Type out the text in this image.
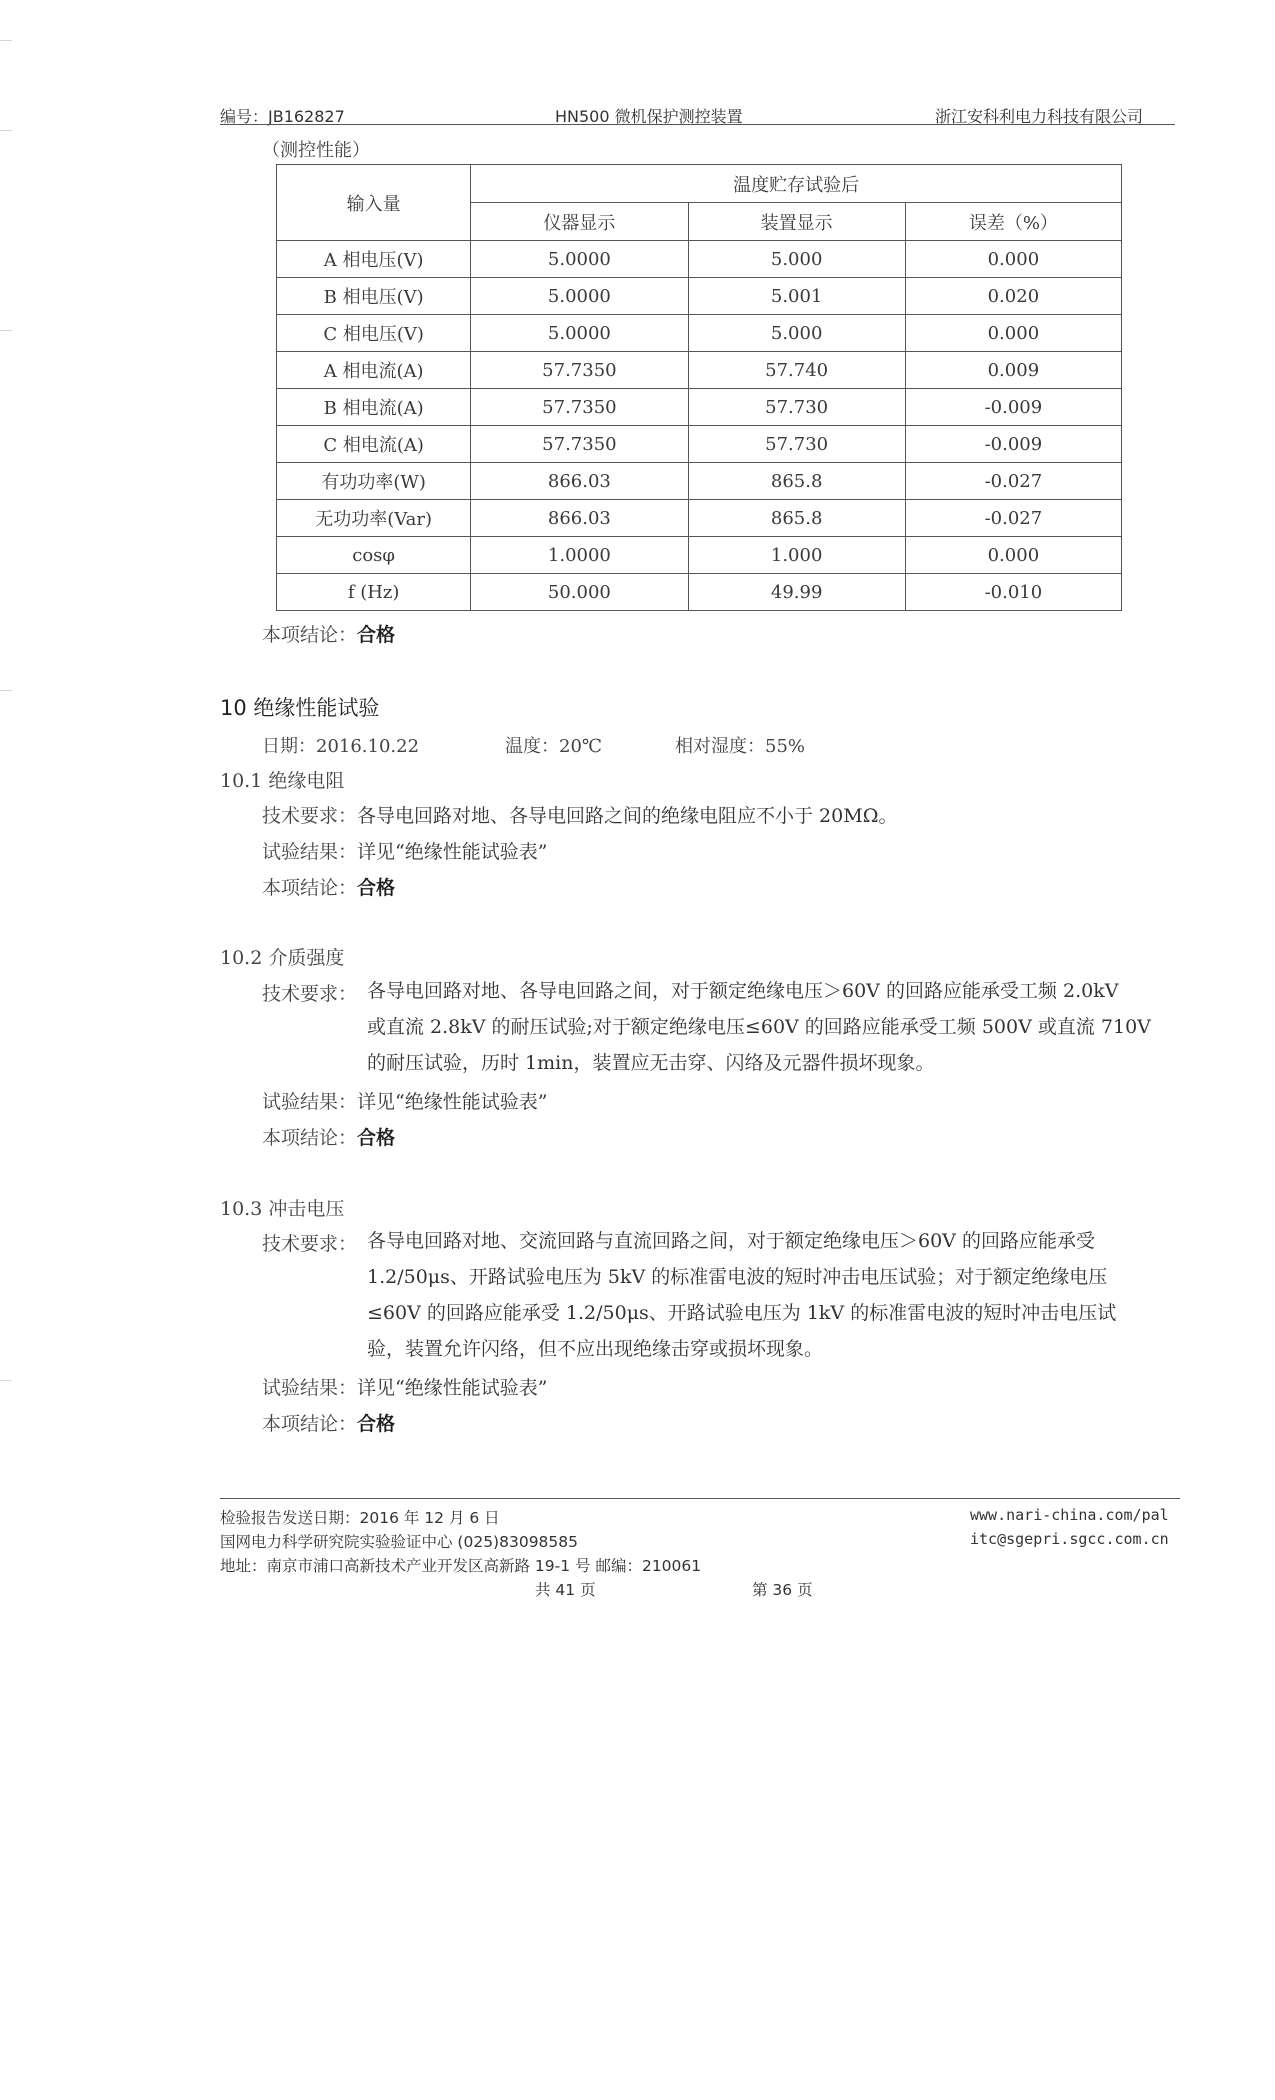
编号：JB162827	HN500 微机保护测控装置	浙江安科利电力科技有限公司
（测控性能）
输入量	温度贮存试验后		
	仪器显示	装置显示	误差（%）
A 相电压(V)	5.0000	5.000	0.000
B 相电压(V)	5.0000	5.001	0.020
C 相电压(V)	5.0000	5.000	0.000
A 相电流(A)	57.7350	57.740	0.009
B 相电流(A)	57.7350	57.730	-0.009
C 相电流(A)	57.7350	57.730	-0.009
有功功率(W)	866.03	865.8	-0.027
无功功率(Var)	866.03	865.8	-0.027
cosφ	1.0000	1.000	0.000
f (Hz)	50.000	49.99	-0.010
本项结论：合格
10 绝缘性能试验
日期：2016.10.22	温度：20℃	相对湿度：55%
10.1 绝缘电阻
技术要求：各导电回路对地、各导电回路之间的绝缘电阻应不小于 20MΩ。
试验结果：详见“绝缘性能试验表”
本项结论：合格
10.2 介质强度
技术要求： 各导电回路对地、各导电回路之间，对于额定绝缘电压＞60V 的回路应能承受工频 2.0kV
或直流 2.8kV 的耐压试验;对于额定绝缘电压≤60V 的回路应能承受工频 500V 或直流 710V
的耐压试验，历时 1min，装置应无击穿、闪络及元器件损坏现象。
试验结果：详见“绝缘性能试验表”
本项结论：合格
10.3 冲击电压
技术要求： 各导电回路对地、交流回路与直流回路之间，对于额定绝缘电压＞60V 的回路应能承受
1.2/50μs、开路试验电压为 5kV 的标准雷电波的短时冲击电压试验；对于额定绝缘电压
≤60V 的回路应能承受 1.2/50μs、开路试验电压为 1kV 的标准雷电波的短时冲击电压试
验，装置允许闪络，但不应出现绝缘击穿或损坏现象。
试验结果：详见“绝缘性能试验表”
本项结论：合格
检验报告发送日期：2016 年 12 月 6 日
国网电力科学研究院实验验证中心 (025)83098585
地址：南京市浦口高新技术产业开发区高新路 19-1 号 邮编：210061
www.nari-china.com/pal
itc@sgepri.sgcc.com.cn
共 41 页	第 36 页
